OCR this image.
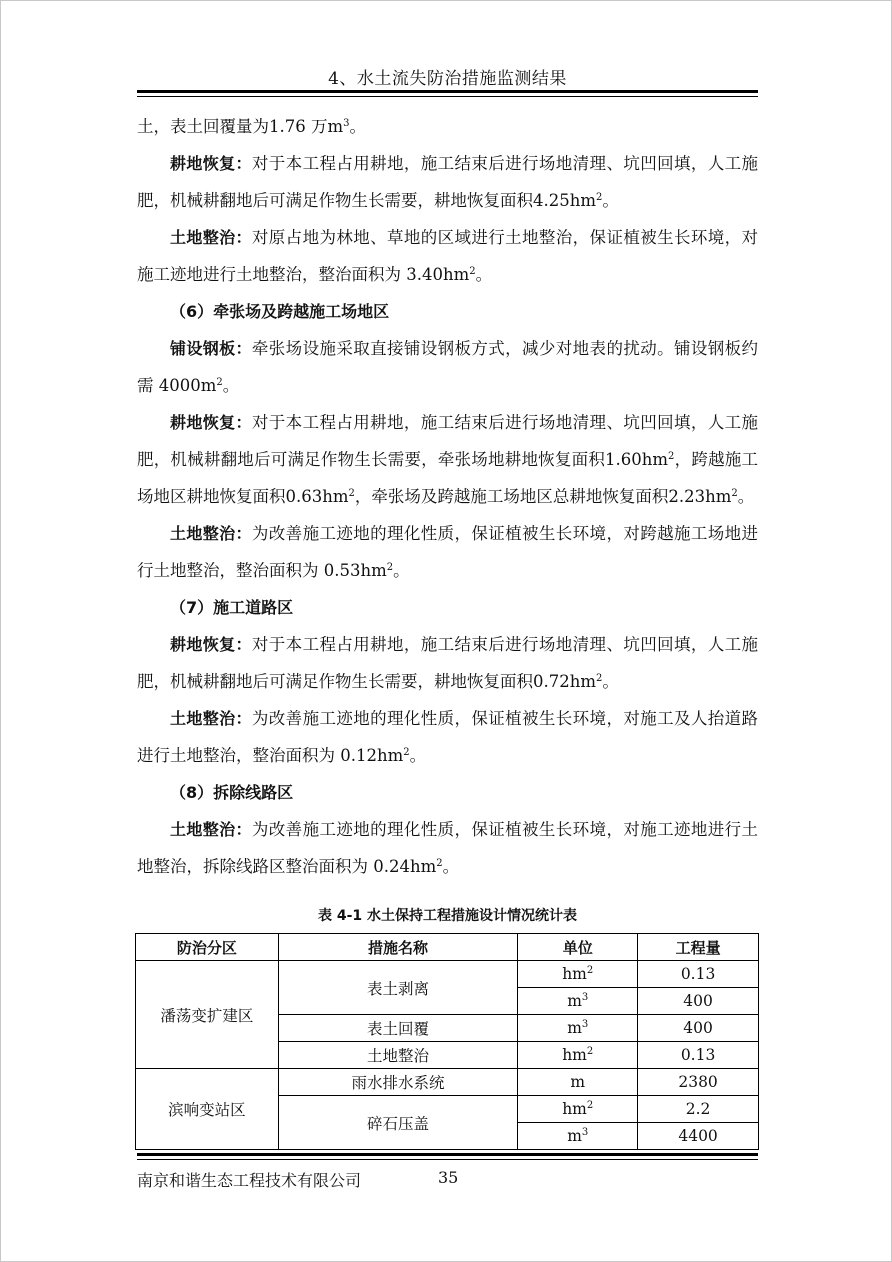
4、水土流失防治措施监测结果

土，表土回覆量为1.76 万$m^3$。

耕地恢复：对于本工程占用耕地，施工结束后进行场地清理、坑凹回填，人工施肥，机械耕翻地后可满足作物生长需要，耕地恢复面积$4.25hm^2$。

土地整治：对原占地为林地、草地的区域进行土地整治，保证植被生长环境，对施工迹地进行土地整治，整治面积为 $3.40hm^2$。

（6）牵张场及跨越施工场地区

铺设钢板：牵张场设施采取直接铺设钢板方式，减少对地表的扰动。铺设钢板约需 $4000m^2$。

耕地恢复：对于本工程占用耕地，施工结束后进行场地清理、坑凹回填，人工施肥，机械耕翻地后可满足作物生长需要，牵张场地耕地恢复面积$1.60hm^2$，跨越施工场地区耕地恢复面积$0.63hm^2$，牵张场及跨越施工场地区总耕地恢复面积$2.23hm^2$。

土地整治：为改善施工迹地的理化性质，保证植被生长环境，对跨越施工场地进行土地整治，整治面积为 $0.53hm^2$。

（7）施工道路区

耕地恢复：对于本工程占用耕地，施工结束后进行场地清理、坑凹回填，人工施肥，机械耕翻地后可满足作物生长需要，耕地恢复面积$0.72hm^2$。

土地整治：为改善施工迹地的理化性质，保证植被生长环境，对施工及人抬道路进行土地整治，整治面积为 $0.12hm^2$。

（8）拆除线路区

土地整治：为改善施工迹地的理化性质，保证植被生长环境，对施工迹地进行土地整治，拆除线路区整治面积为 $0.24hm^2$。

表 4-1 水土保持工程措施设计情况统计表
防治分区	措施名称	单位	工程量
潘荡变扩建区	表土剥离	$hm^2$	0.13
		$m^3$	400
	表土回覆	$m^3$	400
	土地整治	$hm^2$	0.13
滨响变站区	雨水排水系统	m	2380
	碎石压盖	$hm^2$	2.2
		$m^3$	4400
南京和谐生态工程技术有限公司	35
